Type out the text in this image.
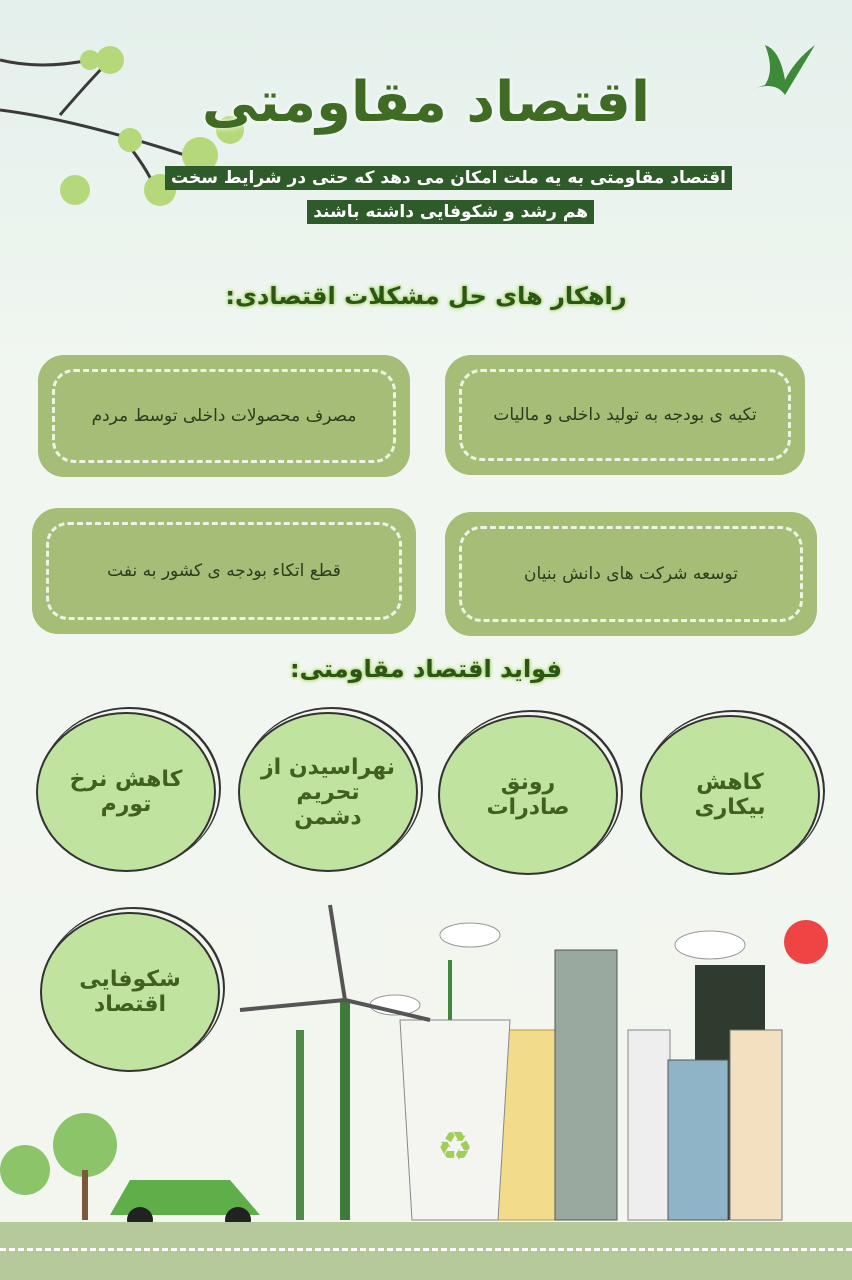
اقتصاد مقاومتی
اقتصاد مقاومتی به یه ملت امکان می دهد که حتی در شرایط سخت
هم رشد و شکوفایی داشته باشند
راهکار های حل مشکلات اقتصادی:
تکیه ی بودجه به تولید داخلی و مالیات
مصرف محصولات داخلی توسط مردم
توسعه شرکت های دانش بنیان
قطع اتکاء بودجه ی کشور به نفت
فواید اقتصاد مقاومتی:
کاهش بیکاری
رونق صادرات
نهراسیدن از تحریم دشمن
کاهش نرخ تورم
شکوفایی اقتصاد
♻
